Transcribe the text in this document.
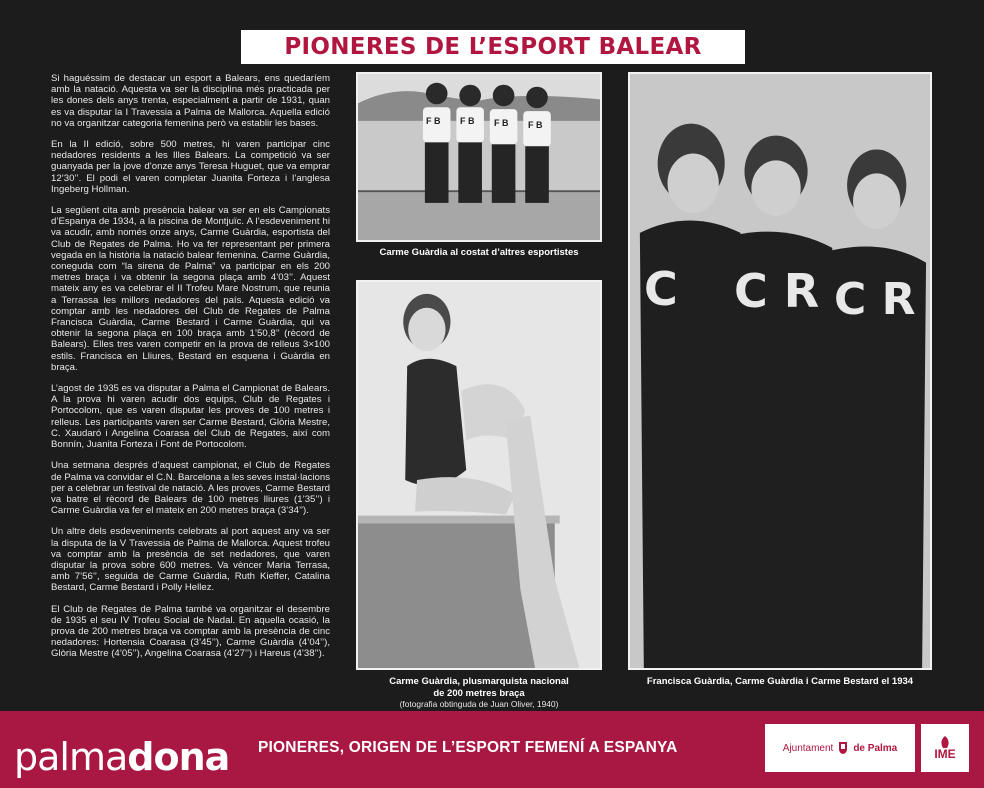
PIONERES DE L’ESPORT BALEAR

Si haguéssim de destacar un esport a Balears, ens quedaríem amb la natació. Aquesta va ser la disciplina més practicada per les dones dels anys trenta, especialment a partir de 1931, quan es va disputar la I Travessia a Palma de Mallorca. Aquella edició no va organitzar categoria femenina però va establir les bases.

En la II edició, sobre 500 metres, hi varen participar cinc nedadores residents a les Illes Balears. La competició va ser guanyada per la jove d’onze anys Teresa Huguet, que va emprar 12’30’’. El podi el varen completar Juanita Forteza i l’anglesa Ingeberg Hollman.

La següent cita amb presència balear va ser en els Campionats d’Espanya de 1934, a la piscina de Montjuïc. A l’esdeveniment hi va acudir, amb només onze anys, Carme Guàrdia, esportista del Club de Regates de Palma. Ho va fer representant per primera vegada en la història la natació balear femenina. Carme Guàrdia, coneguda com “la sirena de Palma” va participar en els 200 metres braça i va obtenir la segona plaça amb 4’03’’. Aquest mateix any es va celebrar el II Trofeu Mare Nostrum, que reunia a Terrassa les millors nedadores del país. Aquesta edició va comptar amb les nedadores del Club de Regates de Palma Francisca Guàrdia, Carme Bestard i Carme Guàrdia, qui va obtenir la segona plaça en 100 braça amb 1’50,8’’ (rècord de Balears). Elles tres varen competir en la prova de relleus 3×100 estils. Francisca en Lliures, Bestard en esquena i Guàrdia en braça.

L’agost de 1935 es va disputar a Palma el Campionat de Balears. A la prova hi varen acudir dos equips, Club de Regates i Portocolom, que es varen disputar les proves de 100 metres i relleus. Les participants varen ser Carme Bestard, Glòria Mestre, C. Xaudaró i Angelina Coarasa del Club de Regates, així com Bonnín, Juanita Forteza i Font de Portocolom.

Una setmana després d’aquest campionat, el Club de Regates de Palma va convidar el C.N. Barcelona a les seves instal·lacions per a celebrar un festival de natació. A les proves, Carme Bestard va batre el rècord de Balears de 100 metres lliures (1’35’’) i Carme Guàrdia va fer el mateix en 200 metres braça (3’34’’).

Un altre dels esdeveniments celebrats al port aquest any va ser la disputa de la V Travessia de Palma de Mallorca. Aquest trofeu va comptar amb la presència de set nedadores, que varen disputar la prova sobre 600 metres. Va vèncer Maria Terrasa, amb 7’56’’, seguida de Carme Guàrdia, Ruth Kieffer, Catalina Bestard, Carme Bestard i Polly Hellez.

El Club de Regates de Palma també va organitzar el desembre de 1935 el seu IV Trofeu Social de Nadal. En aquella ocasió, la prova de 200 metres braça va comptar amb la presència de cinc nedadores: Hortensia Coarasa (3’45’’), Carme Guàrdia (4’04’’), Glòria Mestre (4’05’’), Angelina Coarasa (4’27’’) i Hareus (4’38’’).

F B F B F B F B
Carme Guàrdia al costat d’altres esportistes
Carme Guàrdia, plusmarquista nacional
de 200 metres braça
(fotografia obtinguda de Juan Oliver, 1940)
C C R C R
Francisca Guàrdia, Carme Guàrdia i Carme Bestard el 1934
palmadona PIONERES, ORIGEN DE L’ESPORT FEMENÍ A ESPANYA	Ajuntament de Palma	IME
